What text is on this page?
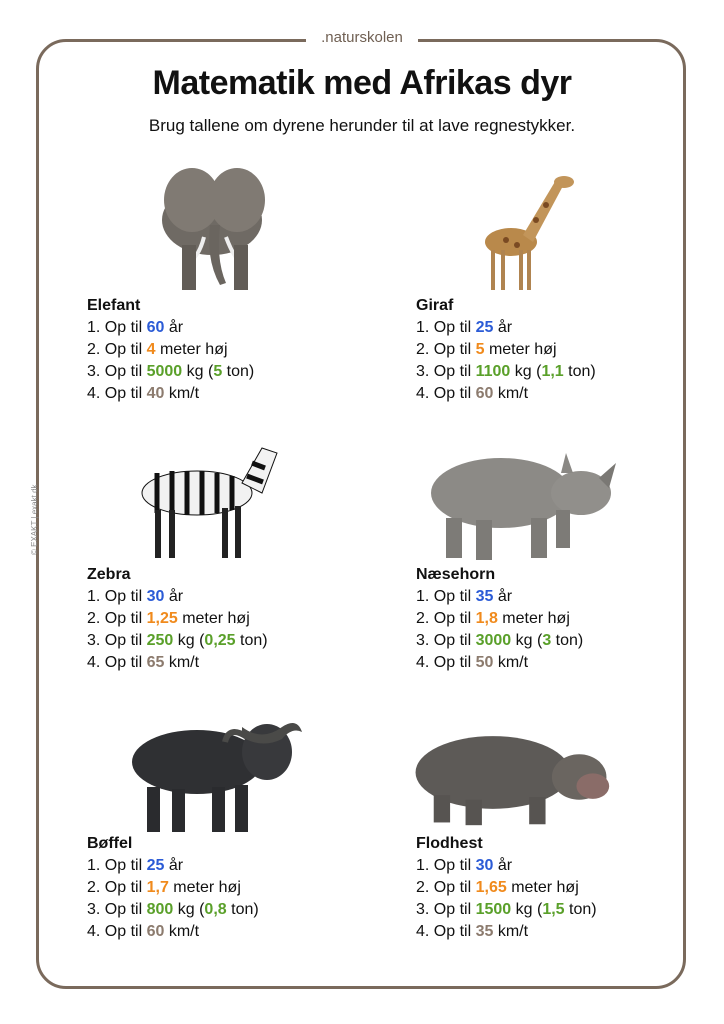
.naturskolen
Matematik med Afrikas dyr
Brug tallene om dyrene herunder til at lave regnestykker.
© EXAKT | exakt.dk
Elefant
1. Op til 60 år
2. Op til 4 meter høj
3. Op til 5000 kg (5 ton)
4. Op til 40 km/t
Giraf
1. Op til 25 år
2. Op til 5 meter høj
3. Op til 1100 kg (1,1 ton)
4. Op til 60 km/t
Zebra
1. Op til 30 år
2. Op til 1,25 meter høj
3. Op til 250 kg (0,25 ton)
4. Op til 65 km/t
Næsehorn
1. Op til 35 år
2. Op til 1,8 meter høj
3. Op til 3000 kg (3 ton)
4. Op til 50 km/t
Bøffel
1. Op til 25 år
2. Op til 1,7 meter høj
3. Op til 800 kg (0,8 ton)
4. Op til 60 km/t
Flodhest
1. Op til 30 år
2. Op til 1,65 meter høj
3. Op til 1500 kg (1,5 ton)
4. Op til 35 km/t
